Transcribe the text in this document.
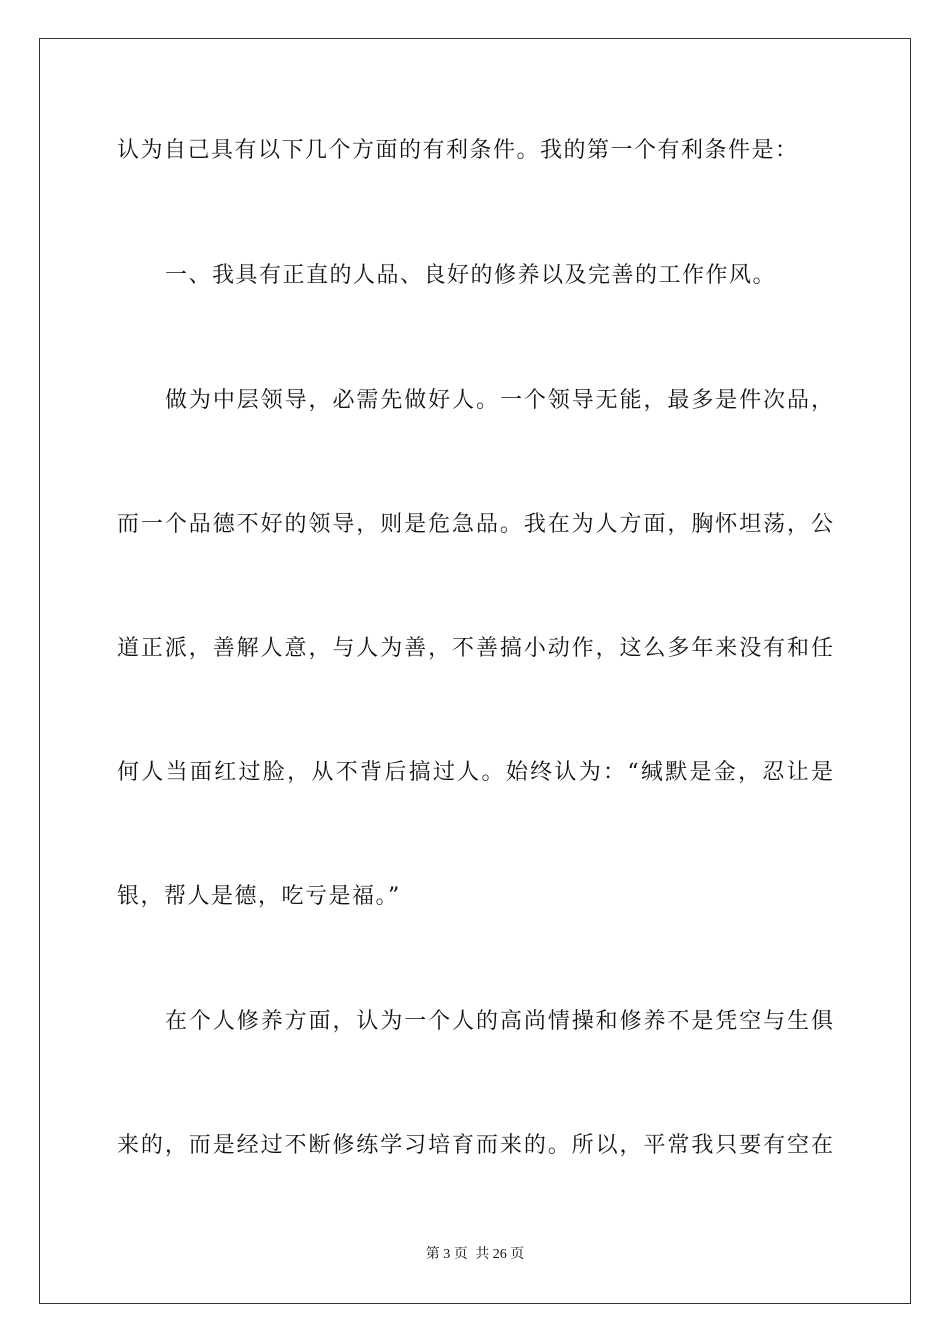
认为自己具有以下几个方面的有利条件。我的第一个有利条件是：
一、我具有正直的人品、良好的修养以及完善的工作作风。
做为中层领导，必需先做好人。一个领导无能，最多是件次品，
而一个品德不好的领导，则是危急品。我在为人方面，胸怀坦荡，公
道正派，善解人意，与人为善，不善搞小动作，这么多年来没有和任
何人当面红过脸，从不背后搞过人。始终认为：“缄默是金，忍让是
银，帮人是德，吃亏是福。”
在个人修养方面，认为一个人的高尚情操和修养不是凭空与生俱
来的，而是经过不断修练学习培育而来的。所以，平常我只要有空在
第 3 页 共 26 页
